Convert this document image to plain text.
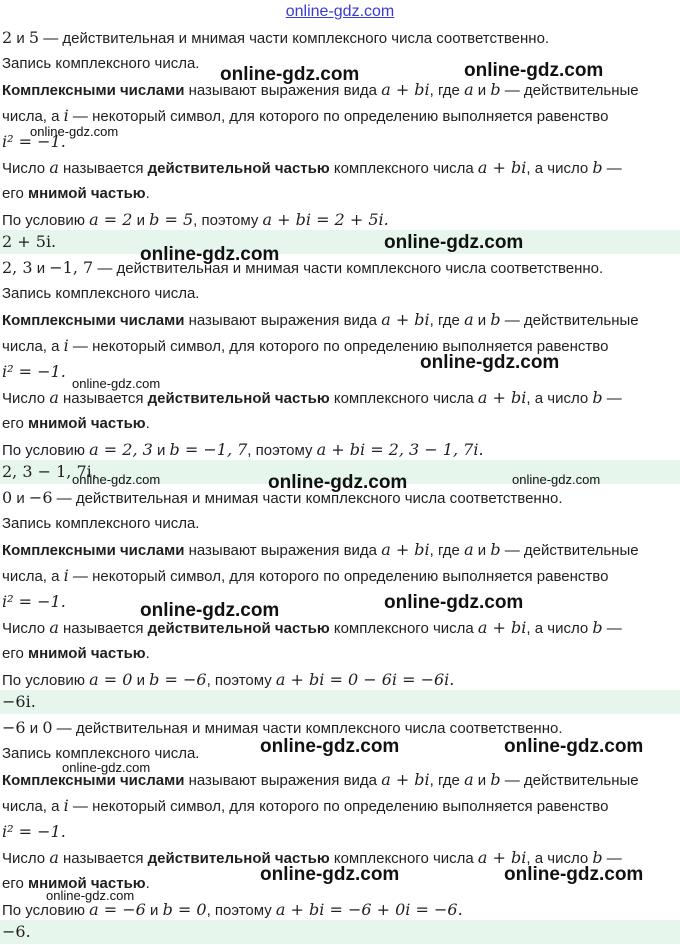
online-gdz.com
2 и 5 — действительная и мнимая части комплексного числа соответственно.
Запись комплексного числа.
Комплексными числами называют выражения вида a + bi, где a и b — действительные
числа, а i — некоторый символ, для которого по определению выполняется равенство
i² = −1.
Число a называется действительной частью комплексного числа a + bi, а число b —
его мнимой частью.
По условию a = 2 и b = 5, поэтому a + bi = 2 + 5i.
2 + 5i.
2, 3 и −1, 7 — действительная и мнимая части комплексного числа соответственно.
Запись комплексного числа.
Комплексными числами называют выражения вида a + bi, где a и b — действительные
числа, а i — некоторый символ, для которого по определению выполняется равенство
i² = −1.
Число a называется действительной частью комплексного числа a + bi, а число b —
его мнимой частью.
По условию a = 2, 3 и b = −1, 7, поэтому a + bi = 2, 3 − 1, 7i.
2, 3 − 1, 7i.
0 и −6 — действительная и мнимая части комплексного числа соответственно.
Запись комплексного числа.
Комплексными числами называют выражения вида a + bi, где a и b — действительные
числа, а i — некоторый символ, для которого по определению выполняется равенство
i² = −1.
Число a называется действительной частью комплексного числа a + bi, а число b —
его мнимой частью.
По условию a = 0 и b = −6, поэтому a + bi = 0 − 6i = −6i.
−6i.
−6 и 0 — действительная и мнимая части комплексного числа соответственно.
Запись комплексного числа.
Комплексными числами называют выражения вида a + bi, где a и b — действительные
числа, а i — некоторый символ, для которого по определению выполняется равенство
i² = −1.
Число a называется действительной частью комплексного числа a + bi, а число b —
его мнимой частью.
По условию a = −6 и b = 0, поэтому a + bi = −6 + 0i = −6.
−6.
online-gdz.com	online-gdz.com
online-gdz.com
online-gdz.com
online-gdz.com
online-gdz.com
online-gdz.com
online-gdz.com	online-gdz.com	online-gdz.com
online-gdz.com	online-gdz.com
online-gdz.com	online-gdz.com
online-gdz.com
online-gdz.com	online-gdz.com
online-gdz.com
